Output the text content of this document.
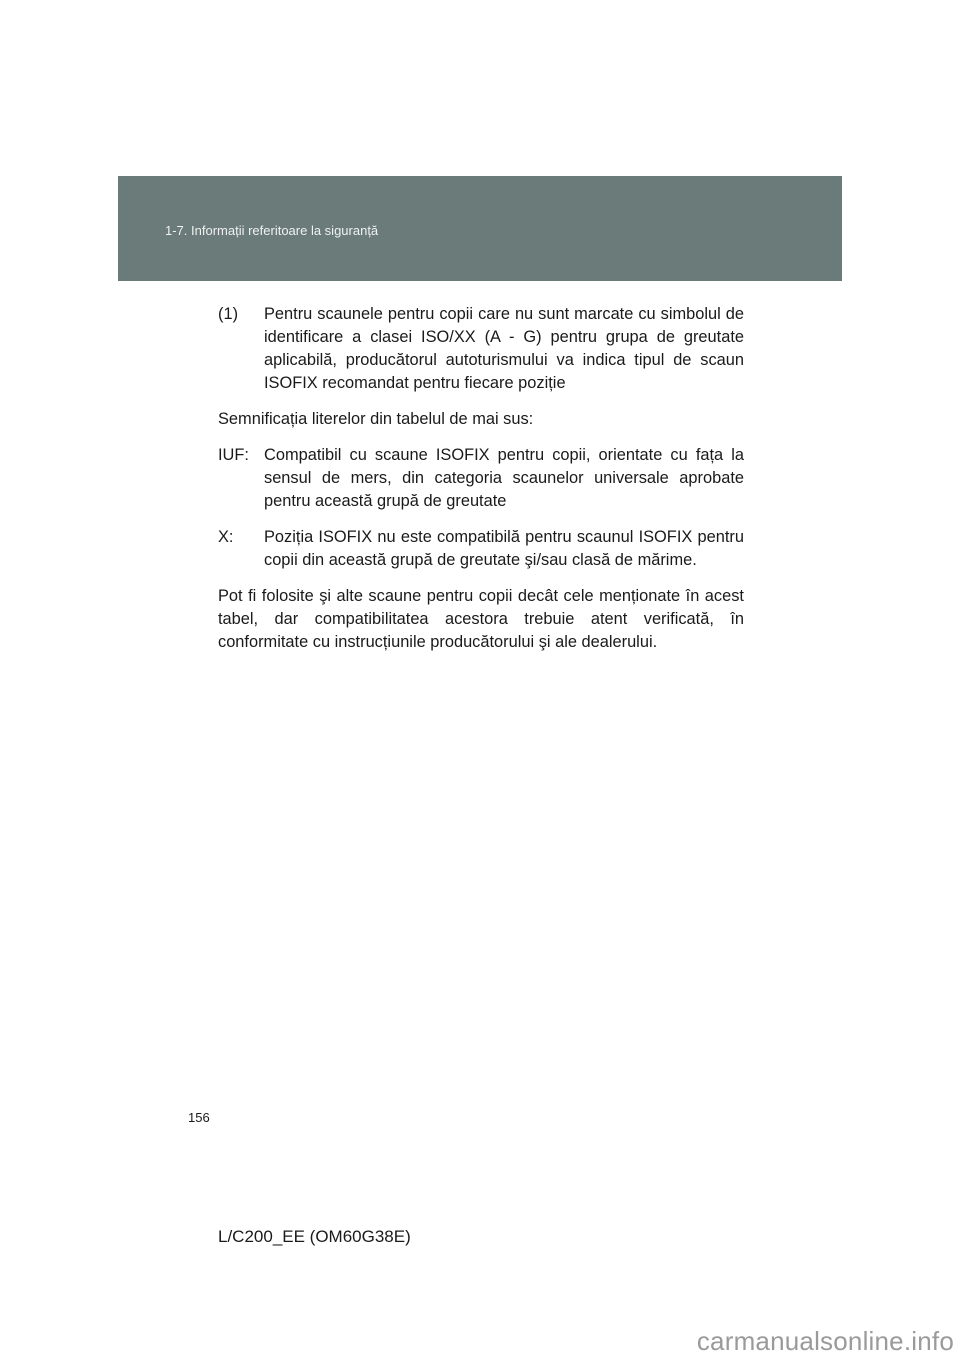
1-7. Informații referitoare la siguranță
(1)	Pentru scaunele pentru copii care nu sunt marcate cu simbolul de identificare a clasei ISO/XX (A - G) pentru grupa de greutate aplicabilă, producătorul autoturismului va indica tipul de scaun ISOFIX recomandat pentru fiecare poziție
Semnificația literelor din tabelul de mai sus:
IUF: Compatibil cu scaune ISOFIX pentru copii, orientate cu fața la sensul de mers, din categoria scaunelor universale aprobate pentru această grupă de greutate
X:	Poziția ISOFIX nu este compatibilă pentru scaunul ISOFIX pentru copii din această grupă de greutate şi/sau clasă de mărime.
Pot fi folosite şi alte scaune pentru copii decât cele menționate în acest tabel, dar compatibilitatea acestora trebuie atent verificată, în conformitate cu instrucțiunile producătorului şi ale dealerului.
156
L/C200_EE (OM60G38E)
carmanualsonline.info
